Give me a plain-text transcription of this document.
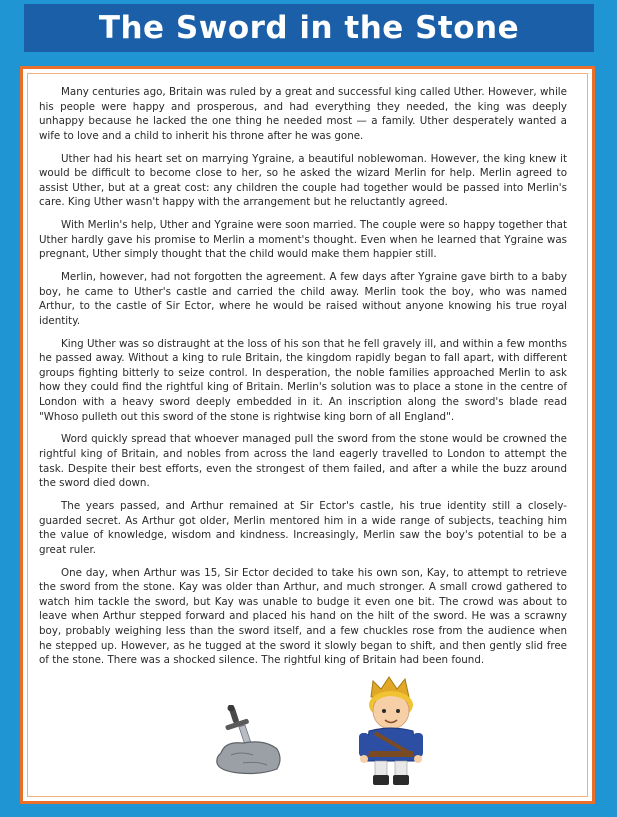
The Sword in the Stone

Many centuries ago, Britain was ruled by a great and successful king called Uther. However, while his people were happy and prosperous, and had everything they needed, the king was deeply unhappy because he lacked the one thing he needed most — a family. Uther desperately wanted a wife to love and a child to inherit his throne after he was gone.

Uther had his heart set on marrying Ygraine, a beautiful noblewoman. However, the king knew it would be difficult to become close to her, so he asked the wizard Merlin for help. Merlin agreed to assist Uther, but at a great cost: any children the couple had together would be passed into Merlin's care. King Uther wasn't happy with the arrangement but he reluctantly agreed.

With Merlin's help, Uther and Ygraine were soon married. The couple were so happy together that Uther hardly gave his promise to Merlin a moment's thought. Even when he learned that Ygraine was pregnant, Uther simply thought that the child would make them happier still.

Merlin, however, had not forgotten the agreement. A few days after Ygraine gave birth to a baby boy, he came to Uther's castle and carried the child away. Merlin took the boy, who was named Arthur, to the castle of Sir Ector, where he would be raised without anyone knowing his true royal identity.

King Uther was so distraught at the loss of his son that he fell gravely ill, and within a few months he passed away. Without a king to rule Britain, the kingdom rapidly began to fall apart, with different groups fighting bitterly to seize control. In desperation, the noble families approached Merlin to ask how they could find the rightful king of Britain. Merlin's solution was to place a stone in the centre of London with a heavy sword deeply embedded in it. An inscription along the sword's blade read "Whoso pulleth out this sword of the stone is rightwise king born of all England".

Word quickly spread that whoever managed pull the sword from the stone would be crowned the rightful king of Britain, and nobles from across the land eagerly travelled to London to attempt the task. Despite their best efforts, even the strongest of them failed, and after a while the buzz around the sword died down.

The years passed, and Arthur remained at Sir Ector's castle, his true identity still a closely-guarded secret. As Arthur got older, Merlin mentored him in a wide range of subjects, teaching him the value of knowledge, wisdom and kindness. Increasingly, Merlin saw the boy's potential to be a great ruler.

One day, when Arthur was 15, Sir Ector decided to take his own son, Kay, to attempt to retrieve the sword from the stone. Kay was older than Arthur, and much stronger. A small crowd gathered to watch him tackle the sword, but Kay was unable to budge it even one bit. The crowd was about to leave when Arthur stepped forward and placed his hand on the hilt of the sword. He was a scrawny boy, probably weighing less than the sword itself, and a few chuckles rose from the audience when he stepped up. However, as he tugged at the sword it slowly began to shift, and then gently slid free of the stone. There was a shocked silence. The rightful king of Britain had been found.
